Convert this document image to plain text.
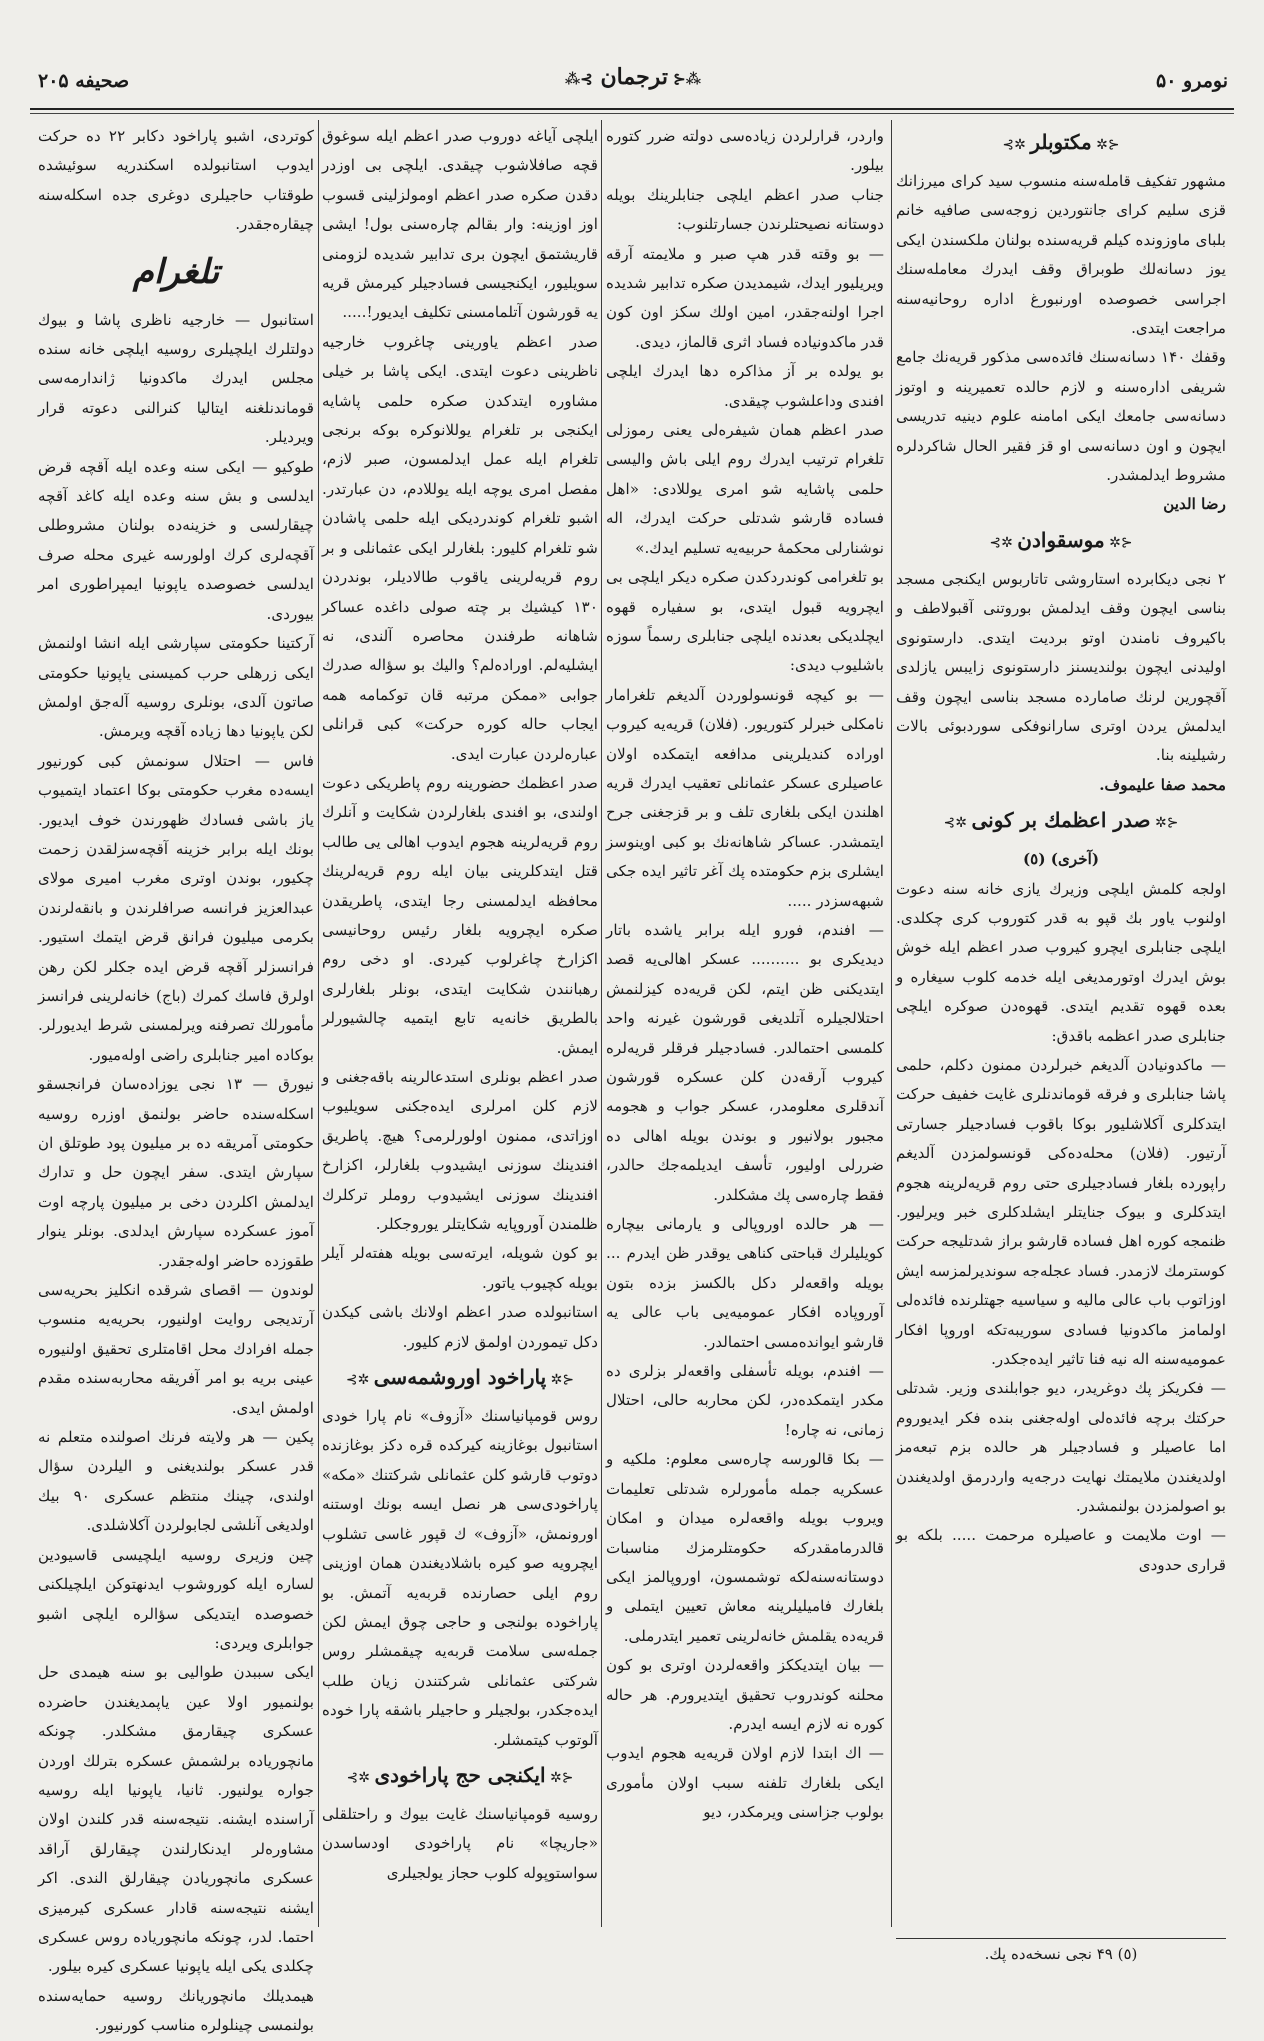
نومرو ۵۰
⁂⊰ ترجمان ⊱⁂
صحیفه ۲۰۵
⊰✲ مکتوبلر ✲⊱

مشهور تفکیف قامله‌سنه منسوب سید کرای میرزانك قزی سلیم کرای جانتوردین زوجه‌سی صافیه خانم بلبای ماوزونده کیلم قریه‌سنده بولنان ملکسندن ایکی یوز دسانه‌لك طوبراق وقف ایدرك معامله‌سنك اجراسی خصوصده اورنبورغ اداره روحانیه‌سنه مراجعت ایتدی.

وقفك ۱۴۰ دسانه‌سنك فائده‌سی مذکور قریه‌نك جامع شریفی اداره‌سنه و لازم حالده تعمیرینه و اوتوز دسانه‌سی جامعك ایکی امامنه علوم دینیه تدریسی ایچون و اون دسانه‌سی او قز فقیر الحال شاکردلره مشروط ایدلمشدر.

رضا الدین

⊰✲ موسقوادن ✲⊱

۲ نجی دیکابرده استاروشی تاتاربوس ایکنجی مسجد بناسی ایچون وقف ایدلمش بوروتنی آقبولاطف و باکیروف نامندن اوتو بردیت ایتدی. دارستونوی اولیدنی ایچون بولندیسنز دارستونوی زایبس یازلدی آقچورین لرنك صامارده مسجد بناسی ایچون وقف ایدلمش یردن اوتری سارانوفکی سوردبوئی بالات رشیلینه بنا.

محمد صفا علیموف.

⊰✲ صدر اعظمك بر کونی ✲⊱

(آخری) (٥)

اولجه کلمش ایلچی وزیرك یازی خانه سنه دعوت اولنوب یاور بك قپو به قدر کتوروب کری چکلدی. ایلچی جنابلری ایچرو کیروب صدر اعظم ایله خوش بوش ایدرك اوتورمدیغی ایله خدمه کلوب سیغاره و بعده قهوه تقدیم ایتدی. قهوه‌دن صوکره ایلچی جنابلری صدر اعظمه باقدق:

— ماکدونیادن آلدیغم خبرلردن ممنون دکلم، حلمی پاشا جنابلری و فرقه قوماندنلری غایت خفیف حرکت ایتدکلری آکلاشلیور بوکا باقوب فسادجیلر جسارتی آرتیور. (فلان) محله‌ده‌کی قونسولمزدن آلدیغم راپورده بلغار فسادجیلری حتی روم قریه‌لرینه هجوم ایتدکلری و بیوک جنایتلر ایشلدکلری خبر ویرلیور. ظنمجه کوره اهل فساده قارشو براز شدتلیجه حرکت کوسترمك لازمدر. فساد عجله‌جه سوندیرلمزسه ایش اوزاتوب باب عالی ماليه و سیاسیه جهتلرنده فائده‌لی اولمامز ماکدونیا فسادی سوریبه‌تکه اوروپا افکار عمومیه‌سنه اله نیه فنا تاثیر ایده‌جکدر.

— فکریکز پك دوغریدر، دیو جوابلندی وزیر. شدتلی حرکتك برچه فائده‌لی اوله‌جغنی بنده فکر ایدیوروم اما عاصیلر و فسادجیلر هر حالده بزم تبعه‌مز اولدیغندن ملایمتك نهایت درجه‌یه واردرمق اولدیغندن بو اصولمزدن بولنمشدر.

— اوت ملایمت و عاصیلره مرحمت ..... بلکه بو قراری حدودی

(٥) ۴۹ نجی نسخه‌ده پك.

واردر، قرارلردن زیاده‌سی دولته ضرر کتوره بیلور.

جناب صدر اعظم ایلچی جنابلرینك بویله دوستانه نصیحتلرندن جسارتلنوب:

— بو وقته قدر هپ صبر و ملایمته آرقه ویریلیور ایدك، شیمدیدن صکره تدابیر شدیده اجرا اولنه‌جقدر، امین اولك سکز اون کون قدر ماکدونیاده فساد اثری قالماز، دیدی.

بو یولده بر آز مذاکره دها ایدرك ایلچی افندی وداعلشوب چیقدی.

صدر اعظم همان شیفره‌لی یعنی رموزلی تلغرام ترتیب ایدرك روم ایلی باش والیسی حلمی پاشایه شو امری یوللادی: «اهل فساده قارشو شدتلی حرکت ایدرك، اله نوشنارلی محکمهٔ حربیه‌یه تسلیم ایدك.»

بو تلغرامی کوندردکدن صکره دیکر ایلچی بی ایچرویه قبول ایتدی، بو سفیاره قهوه ایچلدیکی بعدنده ایلچی جنابلری رسماً سوزه باشلیوب دیدی:

— بو کیچه قونسولوردن آلدیغم تلغرامار نامکلی خبرلر کتوریور. (فلان) قریه‌یه کیروب اوراده کندیلرینی مدافعه ایتمکده اولان عاصیلری عسکر عثمانلی تعقیب ایدرك قریه اهلندن ایکی بلغاری تلف و بر قزجغنی جرح ایتمشدر. عساکر شاهانه‌نك بو کبی اوینوسز ایشلری بزم حکومتده پك آغر تاثیر ایده جکی شبهه‌سزدر .....

— افندم، فورو ایله برابر یاشده باتار دیدیکری بو .......... عسکر اهالی‌یه قصد ایتدیکنی ظن ایتم، لکن قریه‌ده کیزلنمش احتلالجیلره آتلدیغی قورشون غیرنه واحد کلمسی احتمالدر. فسادجیلر فرقلر قریه‌لره کیروب آرقه‌دن کلن عسکره قورشون آندقلری معلومدر، عسکر جواب و هجومه مجبور بولانیور و بوندن بویله اهالی ده ضررلی اولیور، تأسف ایدیلمه‌جك حالدر، فقط چاره‌سی پك مشکلدر.

— هر حالده اوروپالی و یارمانی بیچاره کویلیلرك قباحتی کناهی یوقدر ظن ایدرم ... بویله واقعه‌لر دکل بالکسز بزده بتون آوروپاده افکار عمومیه‌یی باب عالی یه قارشو ایوانده‌مسی احتمالدر.

— افندم، بویله تأسفلی واقعه‌لر بزلری ده مکدر ایتمکده‌در، لکن محاربه حالی، احتلال زمانی، نه چاره!

— بکا قالورسه چاره‌سی معلوم: ملکیه و عسکریه جمله مأمورلره شدتلی تعلیمات ویروب بویله واقعه‌لره میدان و امکان قالدرمامقدرکه حکومتلرمزك مناسبات دوستانه‌سنه‌لکه توشمسون، اوروپالمز ایکی بلغارك فامیلیلرینه معاش تعیین ایتملی و قریه‌ده یقلمش خانه‌لرینی تعمیر ایتدرملی.

— بیان ایتدیککز واقعه‌لردن اوتری بو کون محلنه کوندروب تحقیق ایتدیرورم. هر حاله کوره نه لازم ایسه ایدرم.

— اك ابتدا لازم اولان قریه‌یه هجوم ایدوب ایکی بلغارك تلفنه سبب اولان مأموری بولوب جزاسنی ویرمکدر، دیو

ایلچی آیاغه دوروب صدر اعظم ایله سوغوق قچه صافلاشوب چیقدی. ایلچی بی اوزدر دقدن صکره صدر اعظم اومولزلینی قسوب اوز اوزینه: وار بقالم چاره‌سنی بول! ایشی قاریشتمق ایچون بری تدابیر شدیده لزومنی سویلیور، ایکنجیسی فسادجیلر کیرمش قریه یه قورشون آتلمامسنی تکلیف ایدیور!.....

صدر اعظم یاورینی چاغروب خارجیه ناظرینی دعوت ایتدی. ایکی پاشا بر خیلی مشاوره ایتدکدن صکره حلمی پاشایه ایکنجی بر تلغرام یوللانوکره بوکه برنجی تلغرام ایله عمل ایدلمسون، صبر لازم، مفصل امری یوچه ایله یوللادم، دن عبارتدر. اشبو تلغرام کوندردیکی ایله حلمی پاشادن شو تلغرام کلیور: بلغارلر ایکی عثمانلی و بر روم قریه‌لرینی یاقوب طالادیلر، بوندردن ۱۳۰ کیشیك بر چته صولی داغده عساکر شاهانه طرفندن محاصره آلندی، نه ایشلیه‌لم. اوراده‌لم؟ والیك بو سؤاله صدرك جوابی «ممکن مرتبه قان توکمامه همه ایجاب حاله کوره حرکت» کبی قرانلی عباره‌لردن عبارت ایدی.

صدر اعظمك حضورینه روم پاطریکی دعوت اولندی، بو افندی بلغارلردن شکایت و آنلرك روم قریه‌لرینه هجوم ایدوب اهالی یی طالب قتل ایتدکلرینی بیان ایله روم قریه‌لرینك محافظه ایدلمسنی رجا ایتدی، پاطریقدن صکره ایچرویه بلغار رئیس روحانیسی اکزارخ چاغرلوب کیردی. او دخی روم رهبانندن شکایت ایتدی، بونلر بلغارلری بالطریق خانه‌یه تابع ایتمیه چالشیورلر ایمش.

صدر اعظم بونلری استدعالرینه باقه‌جغنی و لازم کلن امرلری ایده‌جکنی سویلیوب اوزاتدی، ممنون اولورلرمی؟ هیچ. پاطریق افندینك سوزنی ایشیدوب بلغارلر، اکزارخ افندینك سوزنی ایشیدوب روملر ترکلرك ظلمندن آوروپایه شکایتلر یوروجکلر.

بو کون شویله، ایرته‌سی بویله هفته‌لر آیلر بویله کچیوب یاتور.

استانبولده صدر اعظم اولانك باشی کیکدن دکل تیموردن اولمق لازم کلیور.

⊰✲ پاراخود اوروشمه‌سی ✲⊱

روس قومپانیاسنك «آزوف» نام پارا خودی استانبول بوغازینه کیرکده قره دکز بوغازنده دوتوب قارشو کلن عثمانلی شرکتنك «مکه» پاراخودی‌سی هر نصل ایسه بونك اوستنه اورونمش، «آزوف» ك قپور غاسی تشلوب ایچرویه صو کیره باشلادیغندن همان اوزینی روم ایلی حصارنده قربه‌یه آتمش. بو پاراخوده بولنجی و حاجی چوق ایمش لکن جمله‌سی سلامت قربه‌یه چیقمشلر روس شرکتی عثمانلی شرکتندن زیان طلب ایده‌جکدر، بولجیلر و حاجیلر باشقه پارا خوده آلوتوب کیتمشلر.

⊰✲ ایکنجی حج پاراخودی ✲⊱

روسیه قومپانیاسنك غایت بیوك و راحتلقلی «جاریچا» نام پاراخودی اودساسدن سواستوپوله کلوب حجاز یولجیلری

کوتردی، اشبو پاراخود دکابر ۲۲ ده حرکت ایدوب استانبولده اسکندریه سوئیشده طوقتاب حاجیلری دوغری جده اسکله‌سنه چیقاره‌جقدر.

تلغرام

استانبول — خارجیه ناظری پاشا و بیوك دولتلرك ایلچیلری روسیه ایلچی خانه سنده مجلس ایدرك ماکدونیا ژاندارمه‌سی قوماندنلغنه ایتالیا کنرالنی دعوته قرار ویردیلر.

طوکیو — ایکی سنه وعده ایله آقچه قرض ایدلسی و بش سنه وعده ایله کاغد آقچه چیقارلسی و خزینه‌ده بولنان مشروطلی آقچه‌لری کرك اولورسه غیری محله صرف ایدلسی خصوصده یاپونیا ایمپراطوری امر بیوردی.

آرکتینا حکومتی سپارشی ایله انشا اولنمش ایکی زرهلی حرب کمیسنی یاپونیا حکومتی صاتون آلدی، بونلری روسیه آله‌جق اولمش لکن یاپونیا دها زیاده آقچه ویرمش.

فاس — احتلال سونمش کبی کورنیور ایسه‌ده مغرب حکومتی بوکا اعتماد ایتمیوب یاز باشی فسادك ظهورندن خوف ایدیور. بونك ایله برابر خزینه آقچه‌سزلقدن زحمت چکیور، بوندن اوتری مغرب امیری مولای عبدالعزیز فرانسه صرافلرندن و بانقه‌لرندن بکرمی میلیون فرانق قرض ایتمك استیور. فرانسزلر آقچه قرض ایده جکلر لکن رهن اولرق فاسك کمرك (باج) خانه‌لرینی فرانسز مأمورلك تصرفنه ویرلمسنی شرط ایدیورلر. بوکاده امیر جنابلری راضی اوله‌میور.

نیورق — ۱۳ نجی یوزاده‌سان فرانجسقو اسکله‌سنده حاضر بولنمق اوزره روسیه حکومتی آمریقه ده بر میلیون پود طوتلق ان سپارش ایتدی. سفر ایچون حل و تدارك ایدلمش اکلردن دخی بر میلیون پارچه اوت آموز عسکرده سپارش ایدلدی. بونلر ینوار طقوزده حاضر اوله‌جقدر.

لوندون — اقصای شرقده انکلیز بحریه‌سی آرتدیجی روایت اولنیور، بحریه‌یه منسوب جمله افرادك محل اقامتلری تحقیق اولنیوره عینی بریه بو امر آفریقه محاربه‌سنده مقدم اولمش ایدی.

پکین — هر ولایته فرنك اصولنده متعلم نه قدر عسکر بولندیغنی و الیلردن سؤال اولندی، چینك منتظم عسکری ۹۰ بیك اولدیغی آنلشی لجابولردن آکلاشلدی.

چین وزیری روسیه ایلچیسی قاسیودین لساره ایله کوروشوب ایدنهتوکن ایلچیلکنی خصوصده ایتدیکی سؤالره ایلچی اشبو جوابلری ویردی:

ایکی سببدن طوالیی بو سنه هیمدی حل بولنمیور اولا عین یاپمدیغندن حاضرده عسکری چیقارمق مشکلدر. چونکه مانچوریاده برلشمش عسکره بترلك اوردن جواره یولنیور. ثانیا، یاپونیا ایله روسیه آراسنده ایشنه. نتیجه‌سنه قدر کلندن اولان مشاوره‌لر ایدنکارلندن چیقارلق آراقد عسکری مانچوریادن چیقارلق الندی. اکر ایشنه نتیجه‌سنه قادار عسکری کیرمیزی احتما. لدر، چونکه مانچوریاده روس عسکری چکلدی یکی ایله یاپونیا عسکری کیره بیلور.

هیمدیلك مانچوریانك روسیه حمایه‌سنده بولنمسی چینلولره مناسب کورنیور.
